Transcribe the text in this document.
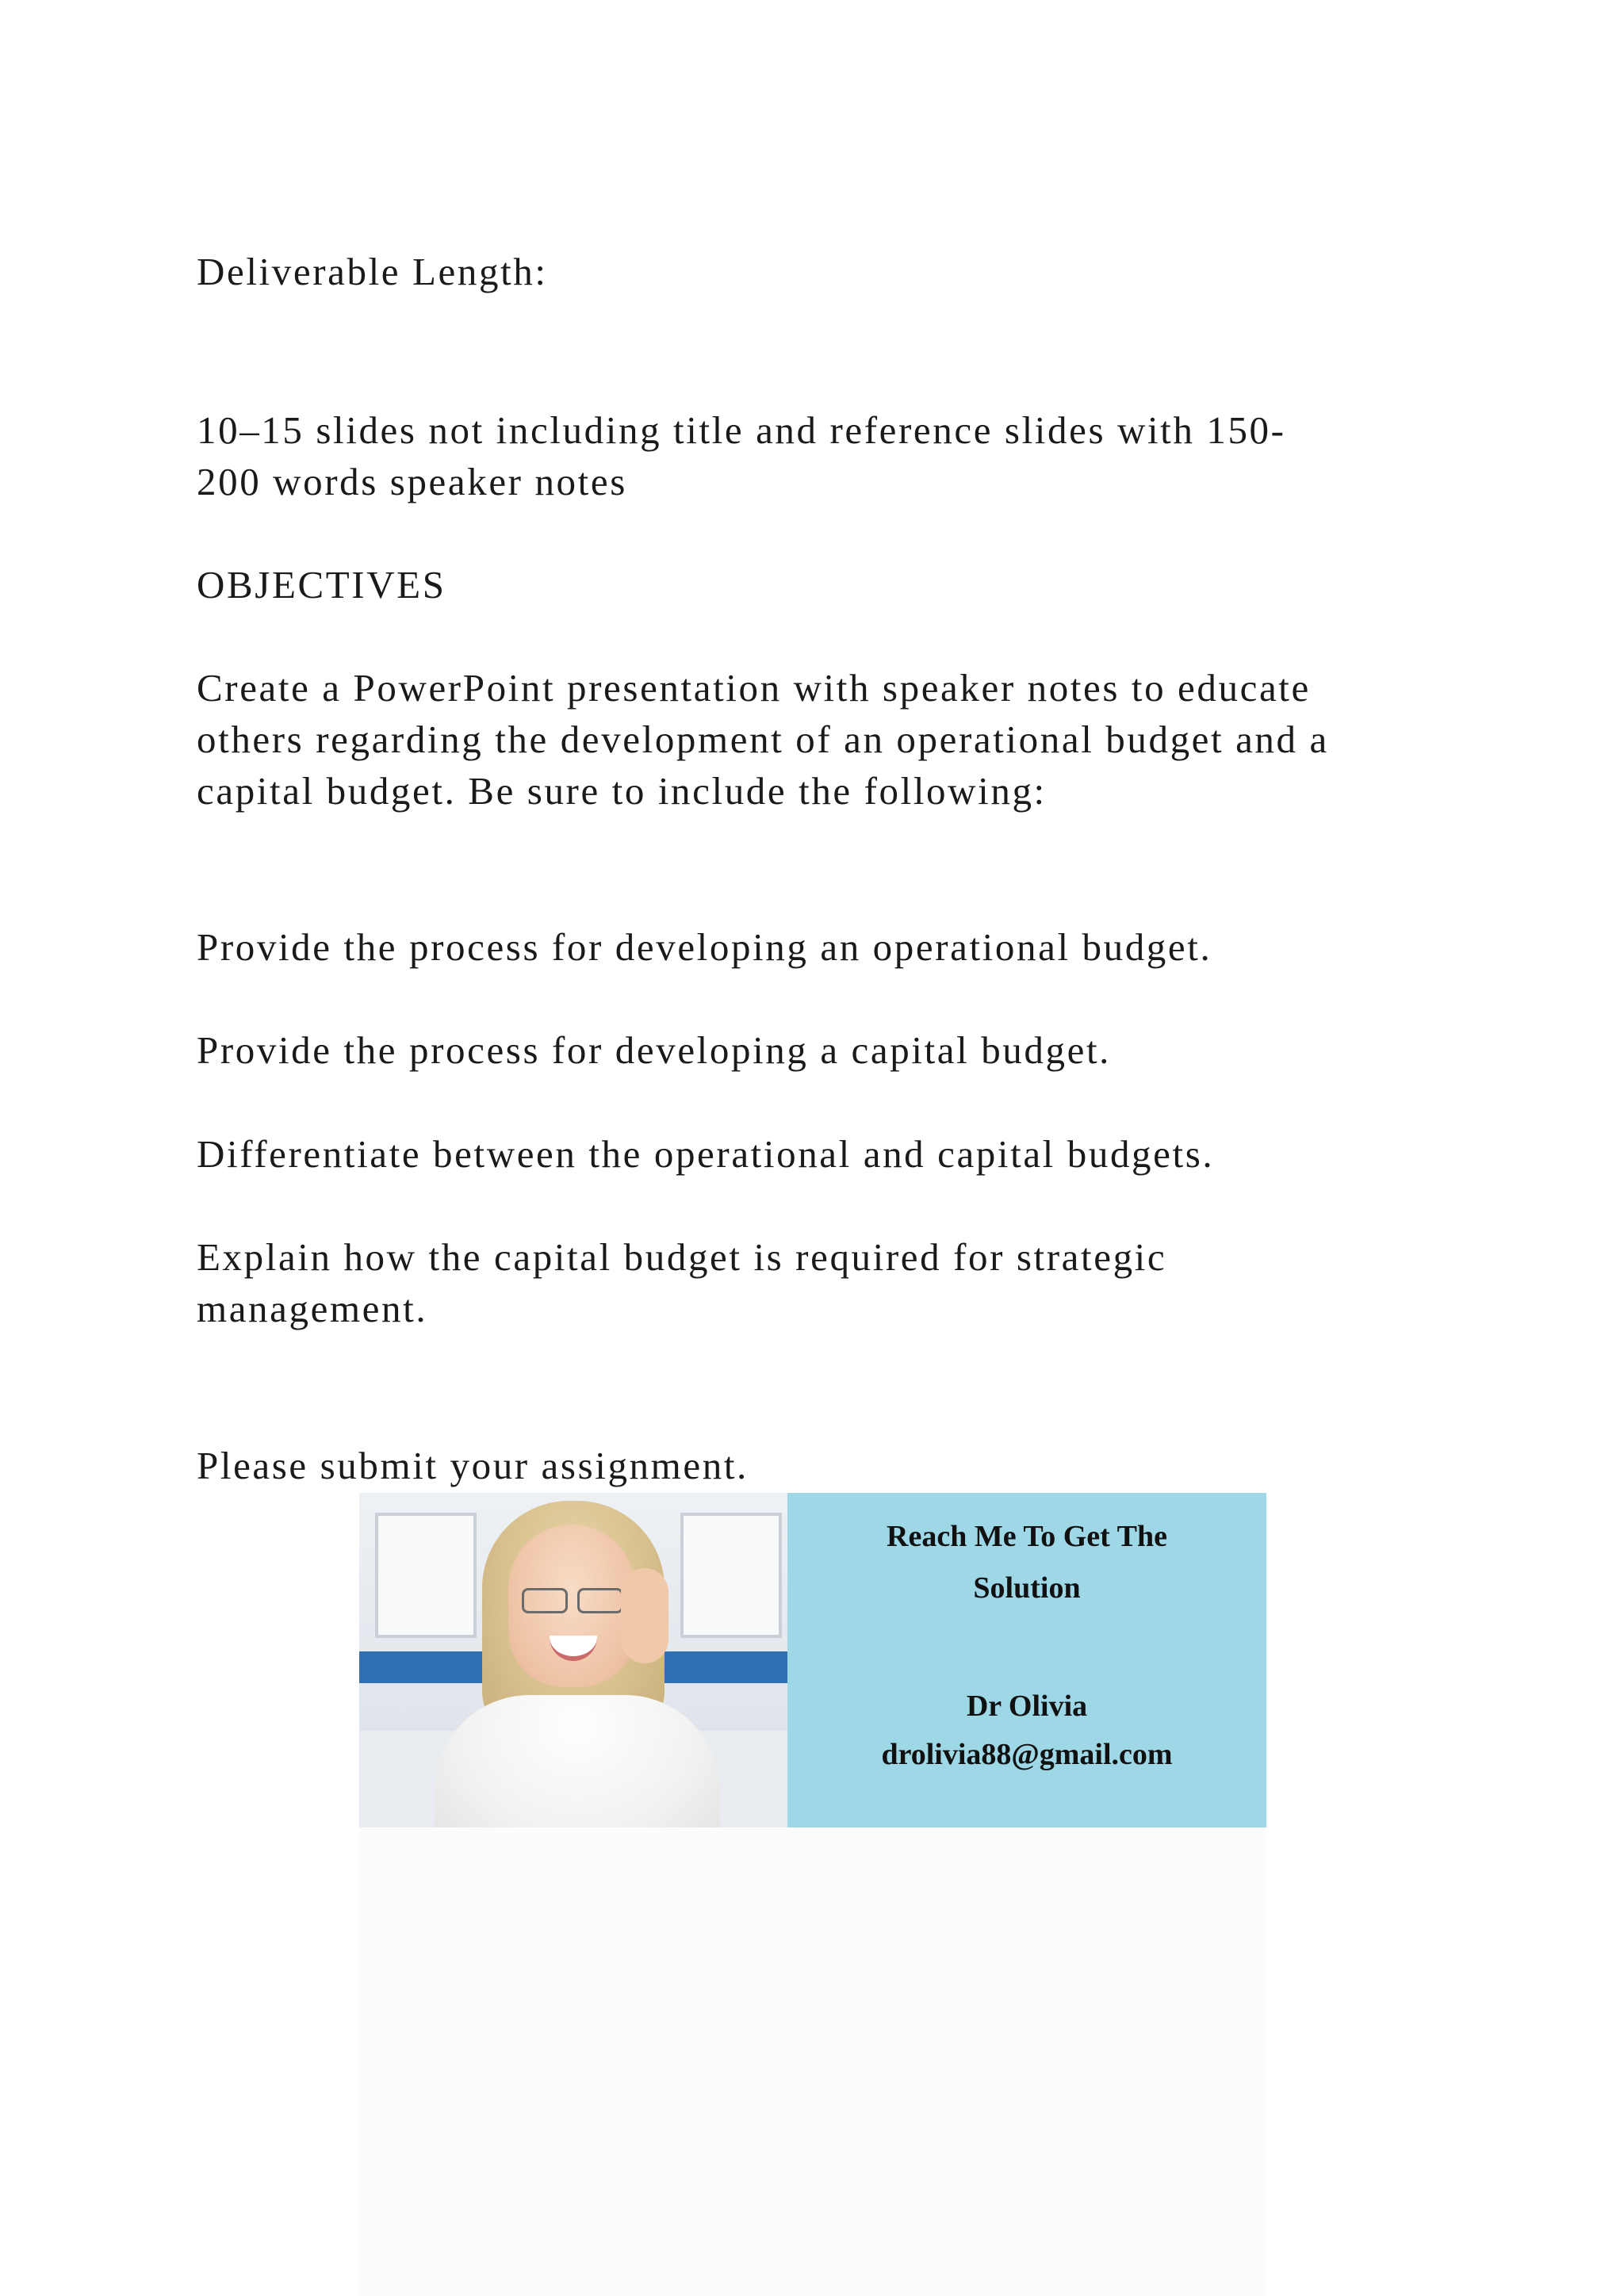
Deliverable Length:
10–15 slides not including title and reference slides with 150-
200 words speaker notes
OBJECTIVES
Create a PowerPoint presentation with speaker notes to educate
others regarding the development of an operational budget and a
capital budget. Be sure to include the following:
Provide the process for developing an operational budget.
Provide the process for developing a capital budget.
Differentiate between the operational and capital budgets.
Explain how the capital budget is required for strategic
management.
Please submit your assignment.
Reach Me To Get The
Solution
Dr Olivia
drolivia88@gmail.com
